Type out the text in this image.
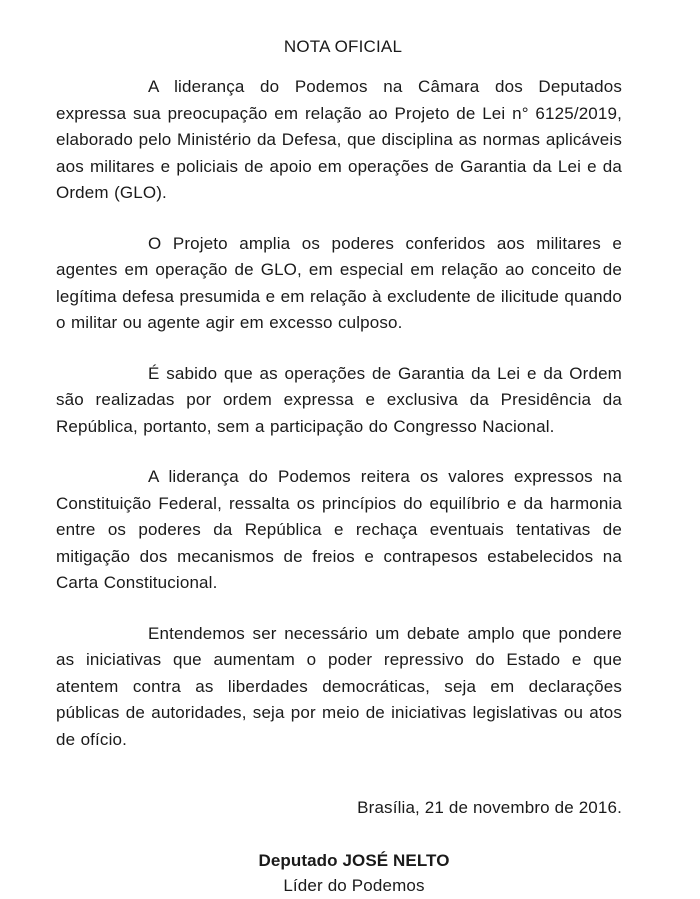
NOTA OFICIAL

A liderança do Podemos na Câmara dos Deputados expressa sua preocupação em relação ao Projeto de Lei n° 6125/2019, elaborado pelo Ministério da Defesa, que disciplina as normas aplicáveis aos militares e policiais de apoio em operações de Garantia da Lei e da Ordem (GLO).

O Projeto amplia os poderes conferidos aos militares e agentes em operação de GLO, em especial em relação ao conceito de legítima defesa presumida e em relação à excludente de ilicitude quando o militar ou agente agir em excesso culposo.

É sabido que as operações de Garantia da Lei e da Ordem são realizadas por ordem expressa e exclusiva da Presidência da República, portanto, sem a participação do Congresso Nacional.

A liderança do Podemos reitera os valores expressos na Constituição Federal, ressalta os princípios do equilíbrio e da harmonia entre os poderes da República e rechaça eventuais tentativas de mitigação dos mecanismos de freios e contrapesos estabelecidos na Carta Constitucional.

Entendemos ser necessário um debate amplo que pondere as iniciativas que aumentam o poder repressivo do Estado e que atentem contra as liberdades democráticas, seja em declarações públicas de autoridades, seja por meio de iniciativas legislativas ou atos de ofício.

Brasília, 21 de novembro de 2016.
Deputado JOSÉ NELTO
Líder do Podemos
